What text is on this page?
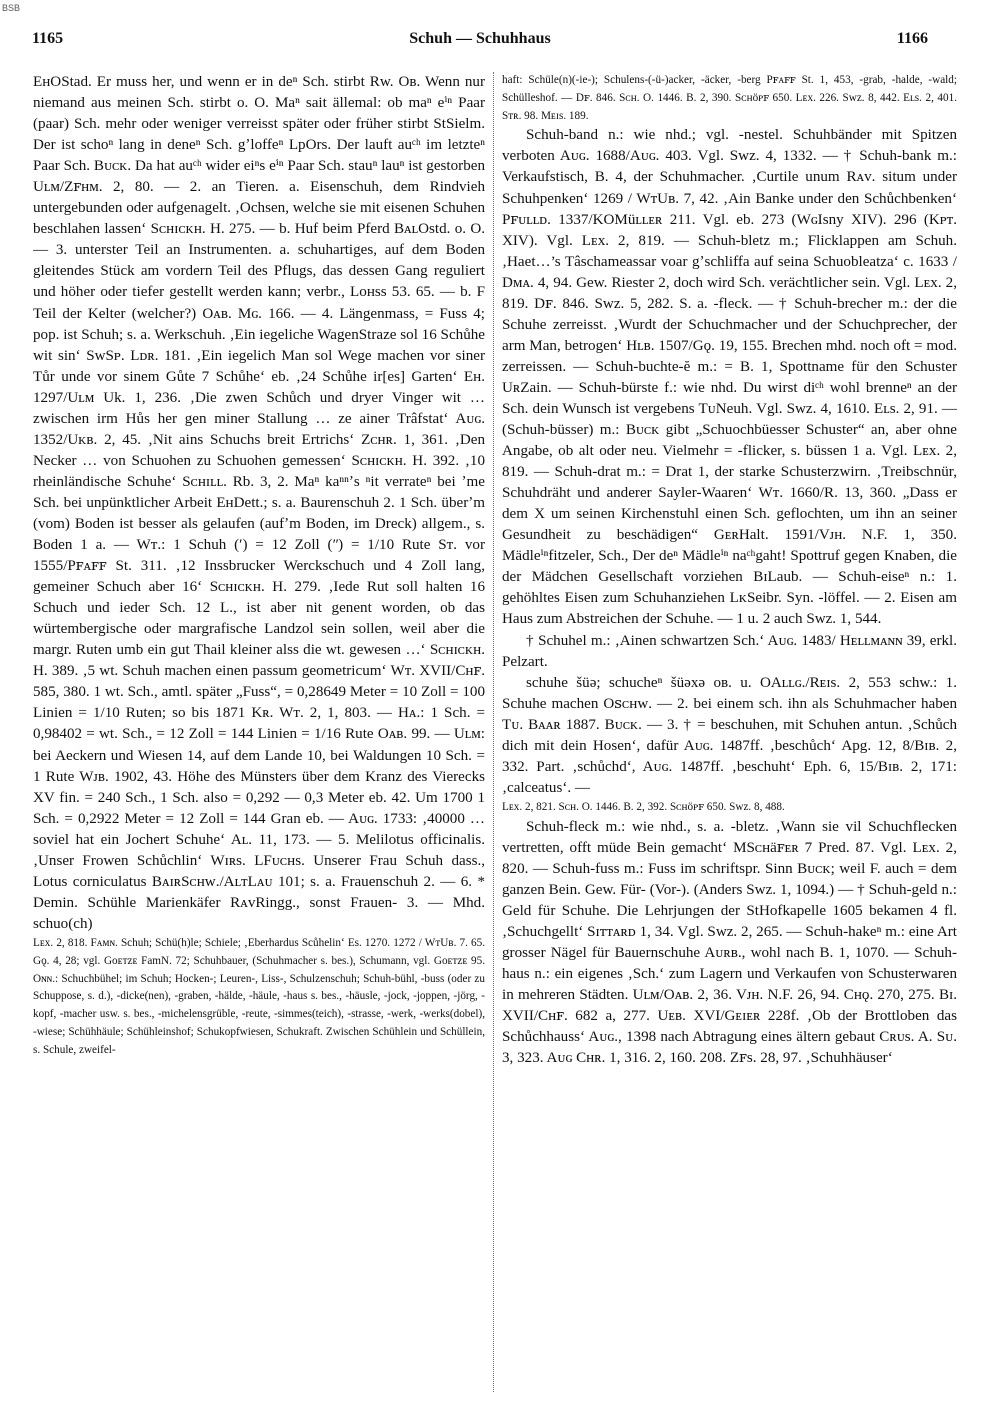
BSB
1165	Schuh — Schuhhaus	1166

EʜOStad. Er muss her, und wenn er in deⁿ Sch. stirbt Rw. Oʙ. Wenn nur niemand aus meinen Sch. stirbt o. O. Maⁿ sait ällemal: ob maⁿ eⁱⁿ Paar (paar) Sch. mehr oder weniger verreisst später oder früher stirbt StSielm. Der ist schoⁿ lang in deneⁿ Sch. gʼloffeⁿ LpOrs. Der lauft auᶜʰ im letzteⁿ Paar Sch. Bᴜᴄᴋ. Da hat auᶜʰ wider eiⁿs eⁱⁿ Paar Sch. stauⁿ lauⁿ ist gestorben Uʟᴍ/Zꜰʜᴍ. 2, 80. — 2. an Tieren. a. Eisenschuh, dem Rindvieh untergebunden oder aufgenagelt. ‚Ochsen, welche sie mit eisenen Schuhen beschlahen lassen‘ Sᴄʜɪᴄᴋʜ. H. 275. — b. Huf beim Pferd BᴀʟOstd. o. O. — 3. unterster Teil an Instrumenten. a. schuhartiges, auf dem Boden gleitendes Stück am vordern Teil des Pflugs, das dessen Gang reguliert und höher oder tiefer gestellt werden kann; verbr., Lᴏʜss 53. 65. — b. F Teil der Kelter (welcher?) Oᴀʙ. Mɢ. 166. — 4. Längenmass, = Fuss 4; pop. ist Schuh; s. a. Werkschuh. ‚Ein iegeliche WagenStraze sol 16 Schůhe wit sin‘ SwSᴘ. Lᴅʀ. 181. ‚Ein iegelich Man sol Wege machen vor siner Tůr unde vor sinem Gůte 7 Schůhe‘ eb. ‚24 Schůhe ir[es] Garten‘ Eʜ. 1297/Uʟᴍ Uk. 1, 236. ‚Die zwen Schůch und dryer Vinger wit … zwischen irm Hůs her gen miner Stallung … ze ainer Trâfstat‘ Aᴜɢ. 1352/Uᴋʙ. 2, 45. ‚Nit ains Schuchs breit Ertrichs‘ Zᴄʜʀ. 1, 361. ‚Den Necker … von Schuohen zu Schuohen gemessen‘ Sᴄʜɪᴄᴋʜ. H. 392. ‚10 rheinländische Schuhe‘ Sᴄʜɪʟʟ. Rb. 3, 2. Maⁿ kaⁿⁿʼs ⁿit verrateⁿ bei ʼme Sch. bei unpünktlicher Arbeit EʜDett.; s. a. Baurenschuh 2. 1 Sch. überʼm (vom) Boden ist besser als gelaufen (aufʼm Boden, im Dreck) allgem., s. Boden 1 a. — Wᴛ.: 1 Schuh (ʹ) = 12 Zoll (ʺ) = 1/10 Rute Sᴛ. vor 1555/Pꜰᴀꜰꜰ St. 311. ‚12 Inssbrucker Werckschuch und 4 Zoll lang, gemeiner Schuch aber 16‘ Sᴄʜɪᴄᴋʜ. H. 279. ‚Iede Rut soll halten 16 Schuch und ieder Sch. 12 L., ist aber nit genent worden, ob das würtembergische oder margrafische Landzol sein sollen, weil aber die margr. Ruten umb ein gut Thail kleiner alss die wt. gewesen …‘ Sᴄʜɪᴄᴋʜ. H. 389. ‚5 wt. Schuh machen einen passum geometricum‘ Wᴛ. XVII/Cʜꜰ. 585, 380. 1 wt. Sch., amtl. später „Fuss“, = 0,28649 Meter = 10 Zoll = 100 Linien = 1/10 Ruten; so bis 1871 Kʀ. Wᴛ. 2, 1, 803. — Hᴀ.: 1 Sch. = 0,98402 = wt. Sch., = 12 Zoll = 144 Linien = 1/16 Rute Oᴀʙ. 99. — Uʟᴍ: bei Aeckern und Wiesen 14, auf dem Lande 10, bei Waldungen 10 Sch. = 1 Rute Wᴊʙ. 1902, 43. Höhe des Münsters über dem Kranz des Vierecks XV fin. = 240 Sch., 1 Sch. also = 0,292 — 0,3 Meter eb. 42. Um 1700 1 Sch. = 0,2922 Meter = 12 Zoll = 144 Gran eb. — Aᴜɢ. 1733: ‚40000 … soviel hat ein Jochert Schuhe‘ Aʟ. 11, 173. — 5. Melilotus officinalis. ‚Unser Frowen Schůchlin‘ Wɪʀs. LFᴜᴄʜs. Unserer Frau Schuh dass., Lotus corniculatus BᴀɪʀSᴄʜᴡ./AʟᴛLᴀᴜ 101; s. a. Frauenschuh 2. — 6. * Demin. Schühle Marienkäfer RᴀᴠRingg., sonst Frauen- 3. — Mhd. schuo(ch)

Lᴇx. 2, 818. Fᴀᴍɴ. Schuh; Schü(h)le; Schiele; ‚Eberhardus Scůhelin‘ Es. 1270. 1272 / WᴛUʙ. 7. 65. Gǫ. 4, 28; vgl. Gᴏᴇᴛᴢᴇ FamN. 72; Schuhbauer, (Schuhmacher s. bes.), Schumann, vgl. Gᴏᴇᴛᴢᴇ 95. Oɴɴ.: Schuchbühel; im Schuh; Hocken-; Leuren-, Liss-, Schulzenschuh; Schuh-bühl, -buss (oder zu Schuppose, s. d.), -dicke(nen), -graben, -hälde, -häule, -haus s. bes., -häusle, -jock, -joppen, -jörg, -kopf, -macher usw. s. bes., -michelensgrüble, -reute, -simmes(teich), -strasse, -werk, -werks(dobel), -wiese; Schühhäule; Schühleinshof; Schukopfwiesen, Schukraft. Zwischen Schühlein und Schüllein, s. Schule, zweifel-

haft: Schüle(n)(-ie-); Schulens-(-ü-)acker, -äcker, -berg Pꜰᴀꜰꜰ St. 1, 453, -grab, -halde, -wald; Schülleshof. — Dꜰ. 846. Sᴄʜ. O. 1446. B. 2, 390. Sᴄʜöᴘꜰ 650. Lᴇx. 226. Sᴡᴢ. 8, 442. Eʟs. 2, 401. Sᴛʀ. 98. Mᴇɪs. 189.

Schuh-band n.: wie nhd.; vgl. -nestel. Schuhbänder mit Spitzen verboten Aᴜɢ. 1688/Aᴜɢ. 403. Vgl. Swz. 4, 1332. — † Schuh-bank m.: Verkaufstisch, B. 4, der Schuhmacher. ‚Curtile unum Rᴀᴠ. situm under Schuhpenken‘ 1269 / WᴛUʙ. 7, 42. ‚Ain Banke under den Schůchbenken‘ Pꜰᴜʟʟᴅ. 1337/KOMüʟʟᴇʀ 211. Vgl. eb. 273 (WɢIsny XIV). 296 (Kᴘᴛ. XIV). Vgl. Lᴇx. 2, 819. — Schuh-bletz m.; Flicklappen am Schuh. ‚Haet…’s Tâschameassar voar gʼschliffa auf seina Schuobleatza‘ c. 1633 / Dᴍᴀ. 4, 94. Gew. Riester 2, doch wird Sch. verächtlicher sein. Vgl. Lᴇx. 2, 819. Dꜰ. 846. Swz. 5, 282. S. a. -fleck. — † Schuh-brecher m.: der die Schuhe zerreisst. ‚Wurdt der Schuchmacher und der Schuchprecher, der arm Man, betrogen‘ Hʟʙ. 1507/Gǫ. 19, 155. Brechen mhd. noch oft = mod. zerreissen. — Schuh-buchte-ĕ m.: = B. 1, Spottname für den Schuster UʀZain. — Schuh-bürste f.: wie nhd. Du wirst diᶜʰ wohl brenneⁿ an der Sch. dein Wunsch ist vergebens TᴜNeuh. Vgl. Swz. 4, 1610. Eʟs. 2, 91. — (Schuh-büsser) m.: Bᴜᴄᴋ gibt „Schuochbüesser Schuster“ an, aber ohne Angabe, ob alt oder neu. Vielmehr = -flicker, s. büssen 1 a. Vgl. Lᴇx. 2, 819. — Schuh-drat m.: = Drat 1, der starke Schusterzwirn. ‚Treibschnür, Schuhdräht und anderer Sayler-Waaren‘ Wᴛ. 1660/R. 13, 360. „Dass er dem X um seinen Kirchenstuhl einen Sch. geflochten, um ihn an seiner Gesundheit zu beschädigen“ GᴇʀHalt. 1591/Vᴊʜ. N.F. 1, 350. Mädleⁱⁿfitzeler, Sch., Der deⁿ Mädleⁱⁿ naᶜʰgaht! Spottruf gegen Knaben, die der Mädchen Gesellschaft vorziehen BɪLaub. — Schuh-eiseⁿ n.: 1. gehöhltes Eisen zum Schuhanziehen LᴋSeibr. Syn. -löffel. — 2. Eisen am Haus zum Abstreichen der Schuhe. — 1 u. 2 auch Swz. 1, 544.

† Schuhel m.: ‚Ainen schwartzen Sch.‘ Aᴜɢ. 1483/ Hᴇʟʟᴍᴀɴɴ 39, erkl. Pelzart.

schuhe šüə; schucheⁿ šüəxə ᴏʙ. u. OAʟʟɢ./Rᴇɪs. 2, 553 schw.: 1. Schuhe machen Oꜱᴄʜᴡ. — 2. bei einem sch. ihn als Schuhmacher haben Tᴜ. Bᴀᴀʀ 1887. Bᴜᴄᴋ. — 3. † = beschuhen, mit Schuhen antun. ‚Schůch dich mit dein Hosen‘, dafür Aᴜɢ. 1487ff. ‚beschůch‘ Apg. 12, 8/Bɪʙ. 2, 332. Part. ‚schůchd‘, Aᴜɢ. 1487ff. ‚beschuht‘ Eph. 6, 15/Bɪʙ. 2, 171: ‚calceatus‘. —

Lᴇx. 2, 821. Sᴄʜ. O. 1446. B. 2, 392. Sᴄʜöᴘꜰ 650. Sᴡᴢ. 8, 488.

Schuh-fleck m.: wie nhd., s. a. -bletz. ‚Wann sie vil Schuchflecken vertretten, offt müde Bein gemacht‘ MSᴄʜäꜰᴇʀ 7 Pred. 87. Vgl. Lᴇx. 2, 820. — Schuh-fuss m.: Fuss im schriftspr. Sinn Bᴜᴄᴋ; weil F. auch = dem ganzen Bein. Gew. Für- (Vor-). (Anders Swz. 1, 1094.) — † Schuh-geld n.: Geld für Schuhe. Die Lehrjungen der StHofkapelle 1605 bekamen 4 fl. ‚Schuchgellt‘ Sɪᴛᴛᴀʀᴅ 1, 34. Vgl. Swz. 2, 265. — Schuh-hakeⁿ m.: eine Art grosser Nägel für Bauernschuhe Aᴜʀʙ., wohl nach B. 1, 1070. — Schuh-haus n.: ein eigenes ‚Sch.‘ zum Lagern und Verkaufen von Schusterwaren in mehreren Städten. Uʟᴍ/Oᴀʙ. 2, 36. Vᴊʜ. N.F. 26, 94. Cʜǫ. 270, 275. Bɪ. XVII/Cʜꜰ. 682 a, 277. Uᴇʙ. XVI/Gᴇɪᴇʀ 228f. ‚Ob der Brottloben das Schůchhauss‘ Aᴜɢ., 1398 nach Abtragung eines ältern gebaut Cʀᴜs. A. Sᴜ. 3, 323. Aᴜɢ Cʜʀ. 1, 316. 2, 160. 208. Zꜰs. 28, 97. ‚Schuhhäuser‘
